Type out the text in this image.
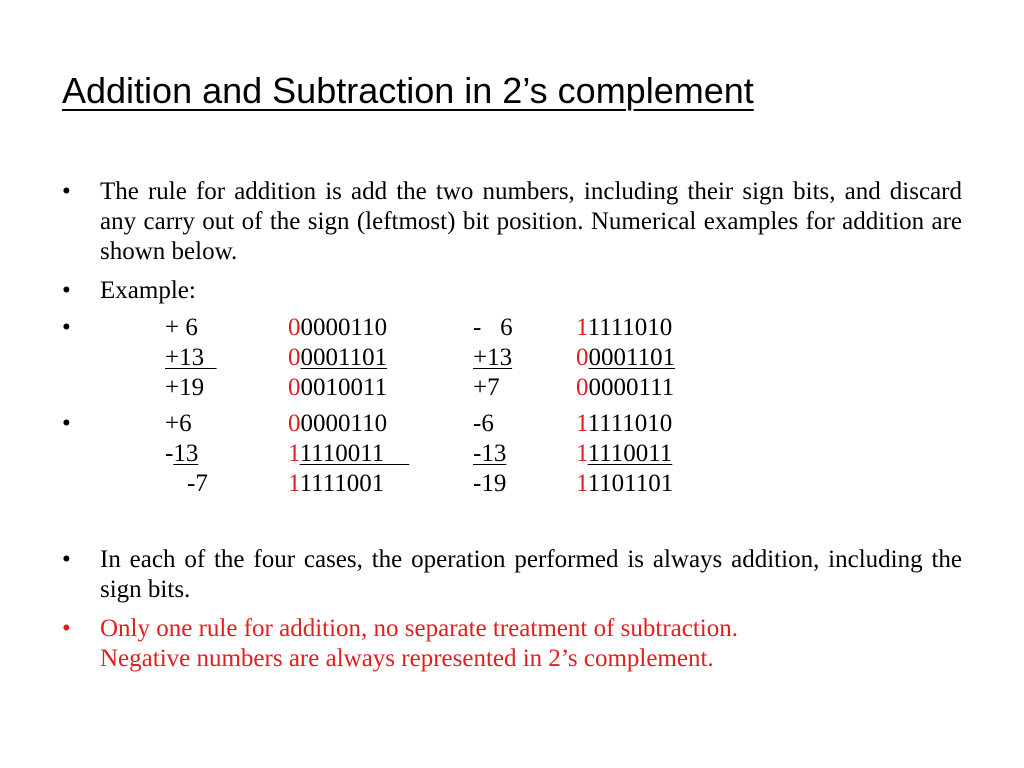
Addition and Subtraction in 2’s complement
• The rule for addition is add the two numbers, including their sign bits, and discard any carry out of the sign (leftmost) bit position. Numerical examples for addition are shown below.
• Example:
•	+ 6	00000110	-   6	11111010
+13	00001101	+13	00001101
+19	00010011	+7	00000111
•	+6	00000110	-6	11111010
-13	11110011	-13	11110011
-7	11111001	-19	11101101
• In each of the four cases, the operation performed is always addition, including the sign bits.
• Only one rule for addition, no separate treatment of subtraction.
Negative numbers are always represented in 2’s complement.
